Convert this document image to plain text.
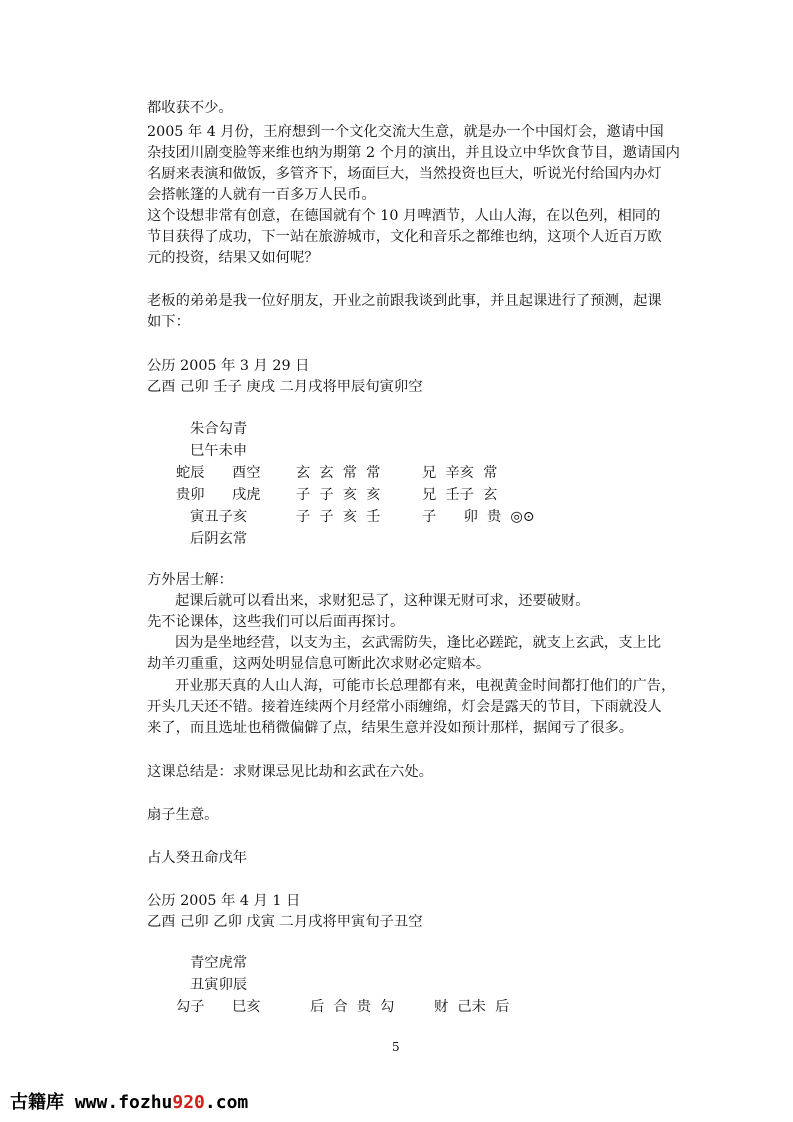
都收获不少。
2005 年 4 月份，王府想到一个文化交流大生意，就是办一个中国灯会，邀请中国
杂技团川剧变脸等来维也纳为期第 2 个月的演出，并且设立中华饮食节目，邀请国内
名厨来表演和做饭，多管齐下，场面巨大，当然投资也巨大，听说光付给国内办灯
会搭帐篷的人就有一百多万人民币。
这个设想非常有创意，在德国就有个 10 月啤酒节，人山人海，在以色列，相同的
节目获得了成功，下一站在旅游城市，文化和音乐之都维也纳，这项个人近百万欧
元的投资，结果又如何呢？
老板的弟弟是我一位好朋友，开业之前跟我谈到此事，并且起课进行了预测，起课
如下：
公历 2005 年 3 月 29 日
乙酉 己卯 壬子 庚戌 二月戌将甲辰旬寅卯空
朱合勾青
巳午未申
蛇辰 酉空 玄  玄  常  常	兄  辛亥  常
贵卯 戌虎 子  子  亥  亥	兄  壬子  玄
寅丑子亥	子  子  亥  壬	子      卯  贵  ◎⊙
后阴玄常
方外居士解：
起课后就可以看出来，求财犯忌了，这种课无财可求，还要破财。
先不论课体，这些我们可以后面再探讨。
因为是坐地经营，以支为主，玄武需防失，逢比必蹉跎，就支上玄武，支上比
劫羊刃重重，这两处明显信息可断此次求财必定赔本。
开业那天真的人山人海，可能市长总理都有来，电视黄金时间都打他们的广告，
开头几天还不错。接着连续两个月经常小雨缠绵，灯会是露天的节目，下雨就没人
来了，而且选址也稍微偏僻了点，结果生意并没如预计那样，据闻亏了很多。
这课总结是：求财课忌见比劫和玄武在六处。
扇子生意。
占人癸丑命戊年
公历 2005 年 4 月 1 日
乙酉 己卯 乙卯 戊寅 二月戌将甲寅旬子丑空
青空虎常
丑寅卯辰
勾子 巳亥	后  合  贵  勾	财  己未  后
5
古籍库 www.fozhu920.com
